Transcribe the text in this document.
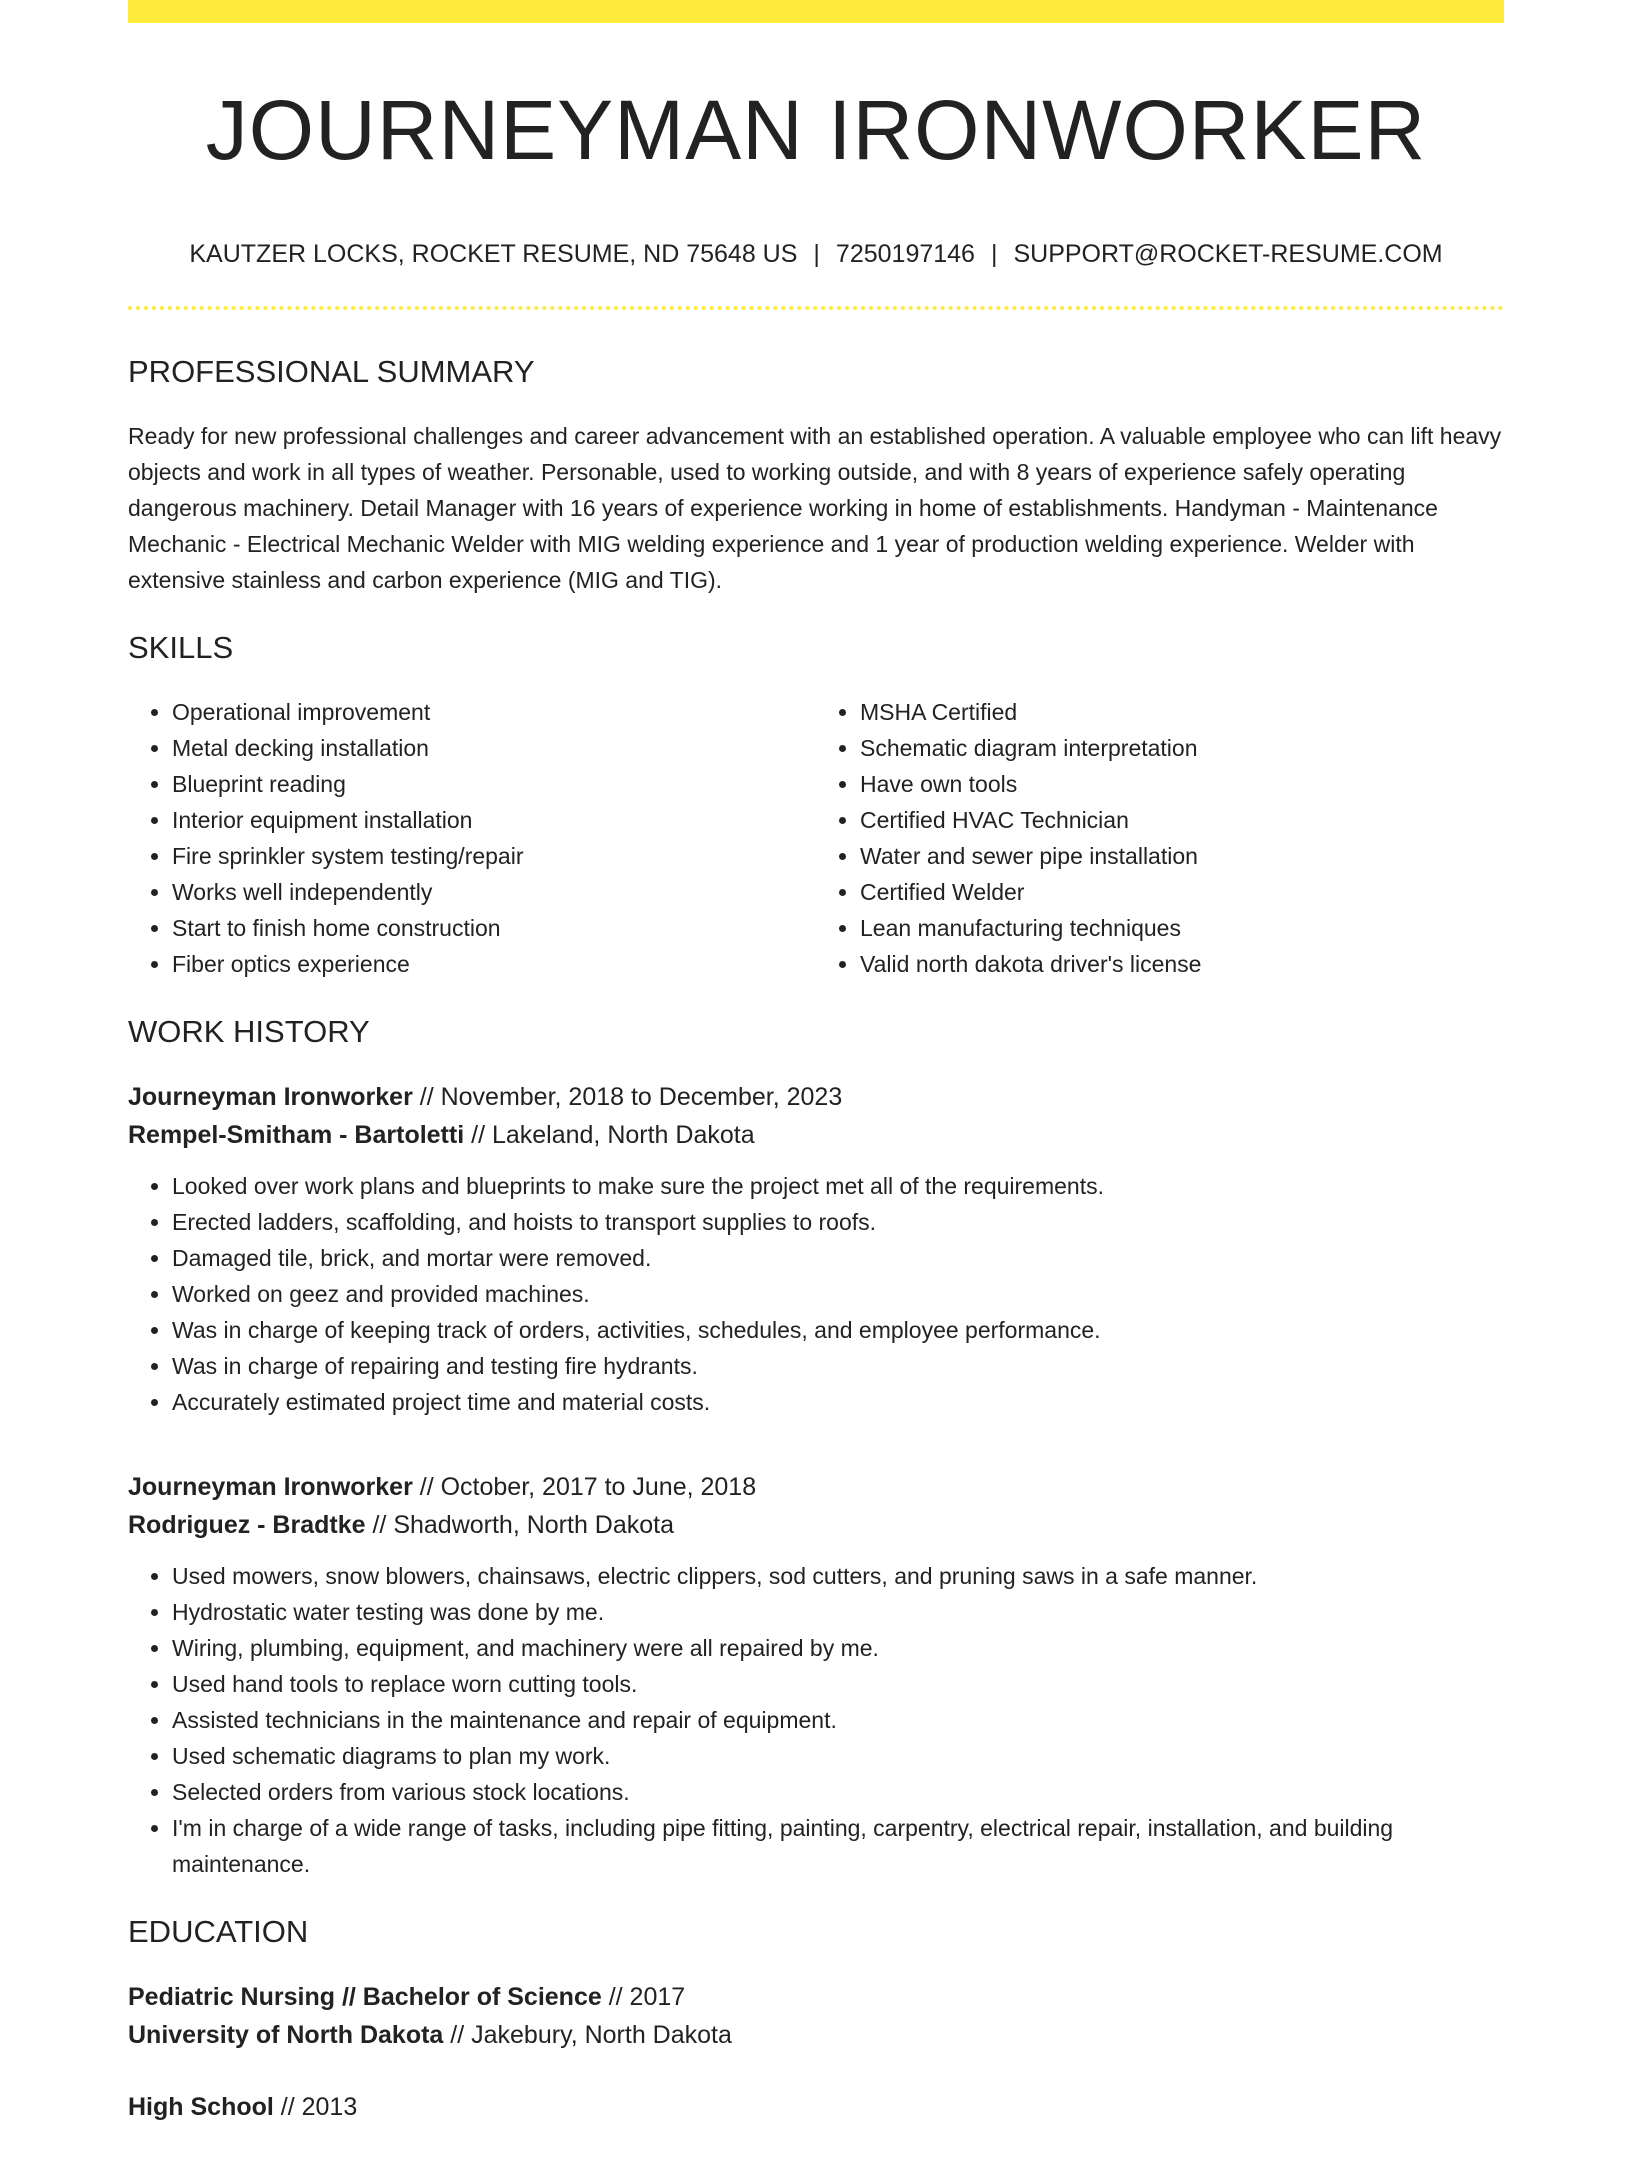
JOURNEYMAN IRONWORKER
KAUTZER LOCKS, ROCKET RESUME, ND 75648 US | 7250197146 | SUPPORT@ROCKET-RESUME.COM
PROFESSIONAL SUMMARY

Ready for new professional challenges and career advancement with an established operation. A valuable employee who can lift heavy objects and work in all types of weather. Personable, used to working outside, and with 8 years of experience safely operating dangerous machinery. Detail Manager with 16 years of experience working in home of establishments. Handyman - Maintenance Mechanic - Electrical Mechanic Welder with MIG welding experience and 1 year of production welding experience. Welder with extensive stainless and carbon experience (MIG and TIG).

SKILLS
• Operational improvement
• Metal decking installation
• Blueprint reading
• Interior equipment installation
• Fire sprinkler system testing/repair
• Works well independently
• Start to finish home construction
• Fiber optics experience
• MSHA Certified
• Schematic diagram interpretation
• Have own tools
• Certified HVAC Technician
• Water and sewer pipe installation
• Certified Welder
• Lean manufacturing techniques
• Valid north dakota driver's license
WORK HISTORY
Journeyman Ironworker // November, 2018 to December, 2023
Rempel-Smitham - Bartoletti // Lakeland, North Dakota
• Looked over work plans and blueprints to make sure the project met all of the requirements.
• Erected ladders, scaffolding, and hoists to transport supplies to roofs.
• Damaged tile, brick, and mortar were removed.
• Worked on geez and provided machines.
• Was in charge of keeping track of orders, activities, schedules, and employee performance.
• Was in charge of repairing and testing fire hydrants.
• Accurately estimated project time and material costs.
Journeyman Ironworker // October, 2017 to June, 2018
Rodriguez - Bradtke // Shadworth, North Dakota
• Used mowers, snow blowers, chainsaws, electric clippers, sod cutters, and pruning saws in a safe manner.
• Hydrostatic water testing was done by me.
• Wiring, plumbing, equipment, and machinery were all repaired by me.
• Used hand tools to replace worn cutting tools.
• Assisted technicians in the maintenance and repair of equipment.
• Used schematic diagrams to plan my work.
• Selected orders from various stock locations.
• I'm in charge of a wide range of tasks, including pipe fitting, painting, carpentry, electrical repair, installation, and building maintenance.
EDUCATION
Pediatric Nursing // Bachelor of Science // 2017
University of North Dakota // Jakebury, North Dakota
High School // 2013
